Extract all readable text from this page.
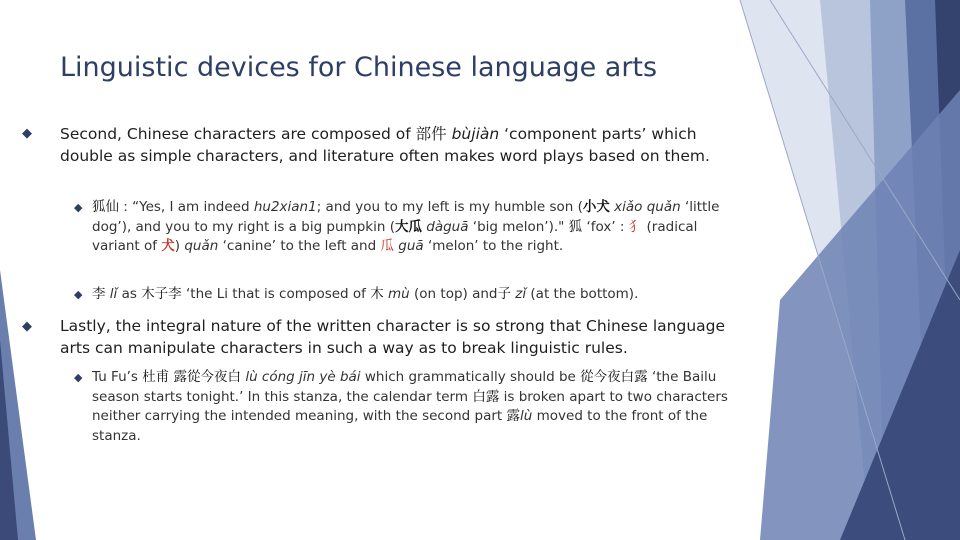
Linguistic devices for Chinese language arts
◆ Second, Chinese characters are composed of 部件 bùjiàn ‘component parts’ which double as simple characters, and literature often makes word plays based on them.
◆ 狐仙 : “Yes, I am indeed hu2xian1; and you to my left is my humble son (小犬 xiǎo quǎn ‘little dog’), and you to my right is a big pumpkin (大瓜 dàguā ‘big melon’)." 狐 ‘fox’ : 犭 (radical variant of 犬) quǎn ‘canine’ to the left and 瓜 guā ‘melon’ to the right.
◆ 李 lǐ as 木子李 ‘the Li that is composed of 木 mù (on top) and子 zǐ (at the bottom).
◆ Lastly, the integral nature of the written character is so strong that Chinese language arts can manipulate characters in such a way as to break linguistic rules.
◆ Tu Fu’s 杜甫 露從今夜白 lù cóng jīn yè bái which grammatically should be 從今夜白露 ‘the Bailu season starts tonight.’ In this stanza, the calendar term 白露 is broken apart to two characters neither carrying the intended meaning, with the second part 露lù moved to the front of the stanza.
